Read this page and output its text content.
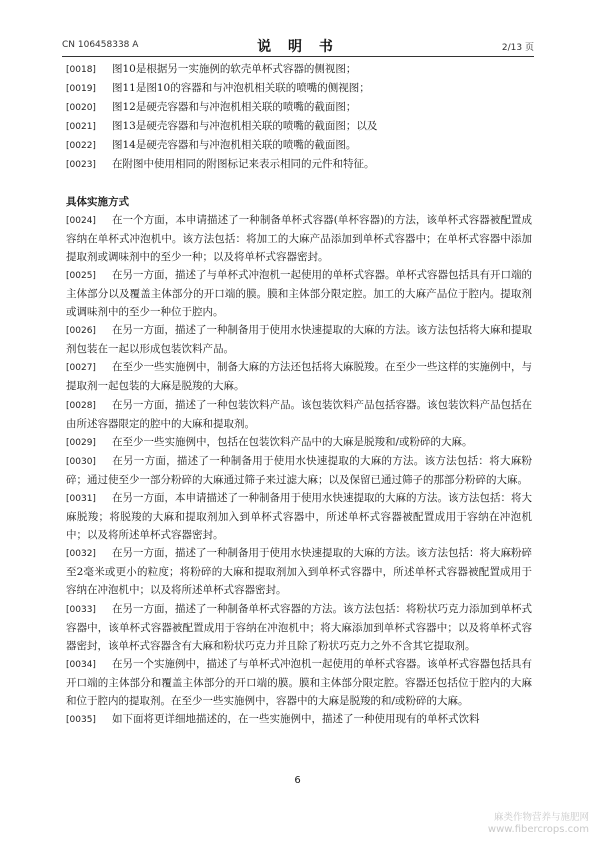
CN 106458338 A	说 明 书	2/13 页

[0018] 图10是根据另一实施例的软壳单杯式容器的侧视图；

[0019] 图11是图10的容器和与冲泡机相关联的喷嘴的侧视图；

[0020] 图12是硬壳容器和与冲泡机相关联的喷嘴的截面图；

[0021] 图13是硬壳容器和与冲泡机相关联的喷嘴的截面图；以及

[0022] 图14是硬壳容器和与冲泡机相关联的喷嘴的截面图。

[0023] 在附图中使用相同的附图标记来表示相同的元件和特征。

具体实施方式

[0024] 在一个方面，本申请描述了一种制备单杯式容器(单杯容器)的方法，该单杯式容器被配置成容纳在单杯式冲泡机中。该方法包括：将加工的大麻产品添加到单杯式容器中；在单杯式容器中添加提取剂或调味剂中的至少一种；以及将单杯式容器密封。

[0025] 在另一方面，描述了与单杯式冲泡机一起使用的单杯式容器。单杯式容器包括具有开口端的主体部分以及覆盖主体部分的开口端的膜。膜和主体部分限定腔。加工的大麻产品位于腔内。提取剂或调味剂中的至少一种位于腔内。

[0026] 在另一方面，描述了一种制备用于使用水快速提取的大麻的方法。该方法包括将大麻和提取剂包装在一起以形成包装饮料产品。

[0027] 在至少一些实施例中，制备大麻的方法还包括将大麻脱羧。在至少一些这样的实施例中，与提取剂一起包装的大麻是脱羧的大麻。

[0028] 在另一方面，描述了一种包装饮料产品。该包装饮料产品包括容器。该包装饮料产品包括在由所述容器限定的腔中的大麻和提取剂。

[0029] 在至少一些实施例中，包括在包装饮料产品中的大麻是脱羧和/或粉碎的大麻。

[0030] 在另一方面，描述了一种制备用于使用水快速提取的大麻的方法。该方法包括：将大麻粉碎；通过使至少一部分粉碎的大麻通过筛子来过滤大麻；以及保留已通过筛子的那部分粉碎的大麻。

[0031] 在另一方面，本申请描述了一种制备用于使用水快速提取的大麻的方法。该方法包括：将大麻脱羧；将脱羧的大麻和提取剂加入到单杯式容器中，所述单杯式容器被配置成用于容纳在冲泡机中；以及将所述单杯式容器密封。

[0032] 在另一方面，描述了一种制备用于使用水快速提取的大麻的方法。该方法包括：将大麻粉碎至2毫米或更小的粒度；将粉碎的大麻和提取剂加入到单杯式容器中，所述单杯式容器被配置成用于容纳在冲泡机中；以及将所述单杯式容器密封。

[0033] 在另一方面，描述了一种制备单杯式容器的方法。该方法包括：将粉状巧克力添加到单杯式容器中，该单杯式容器被配置成用于容纳在冲泡机中；将大麻添加到单杯式容器中；以及将单杯式容器密封，该单杯式容器含有大麻和粉状巧克力并且除了粉状巧克力之外不含其它提取剂。

[0034] 在另一个实施例中，描述了与单杯式冲泡机一起使用的单杯式容器。该单杯式容器包括具有开口端的主体部分和覆盖主体部分的开口端的膜。膜和主体部分限定腔。容器还包括位于腔内的大麻和位于腔内的提取剂。在至少一些实施例中，容器中的大麻是脱羧的和/或粉碎的大麻。

[0035] 如下面将更详细地描述的，在一些实施例中，描述了一种使用现有的单杯式饮料

6
麻类作物营养与施肥网
www.fibercrops.com
